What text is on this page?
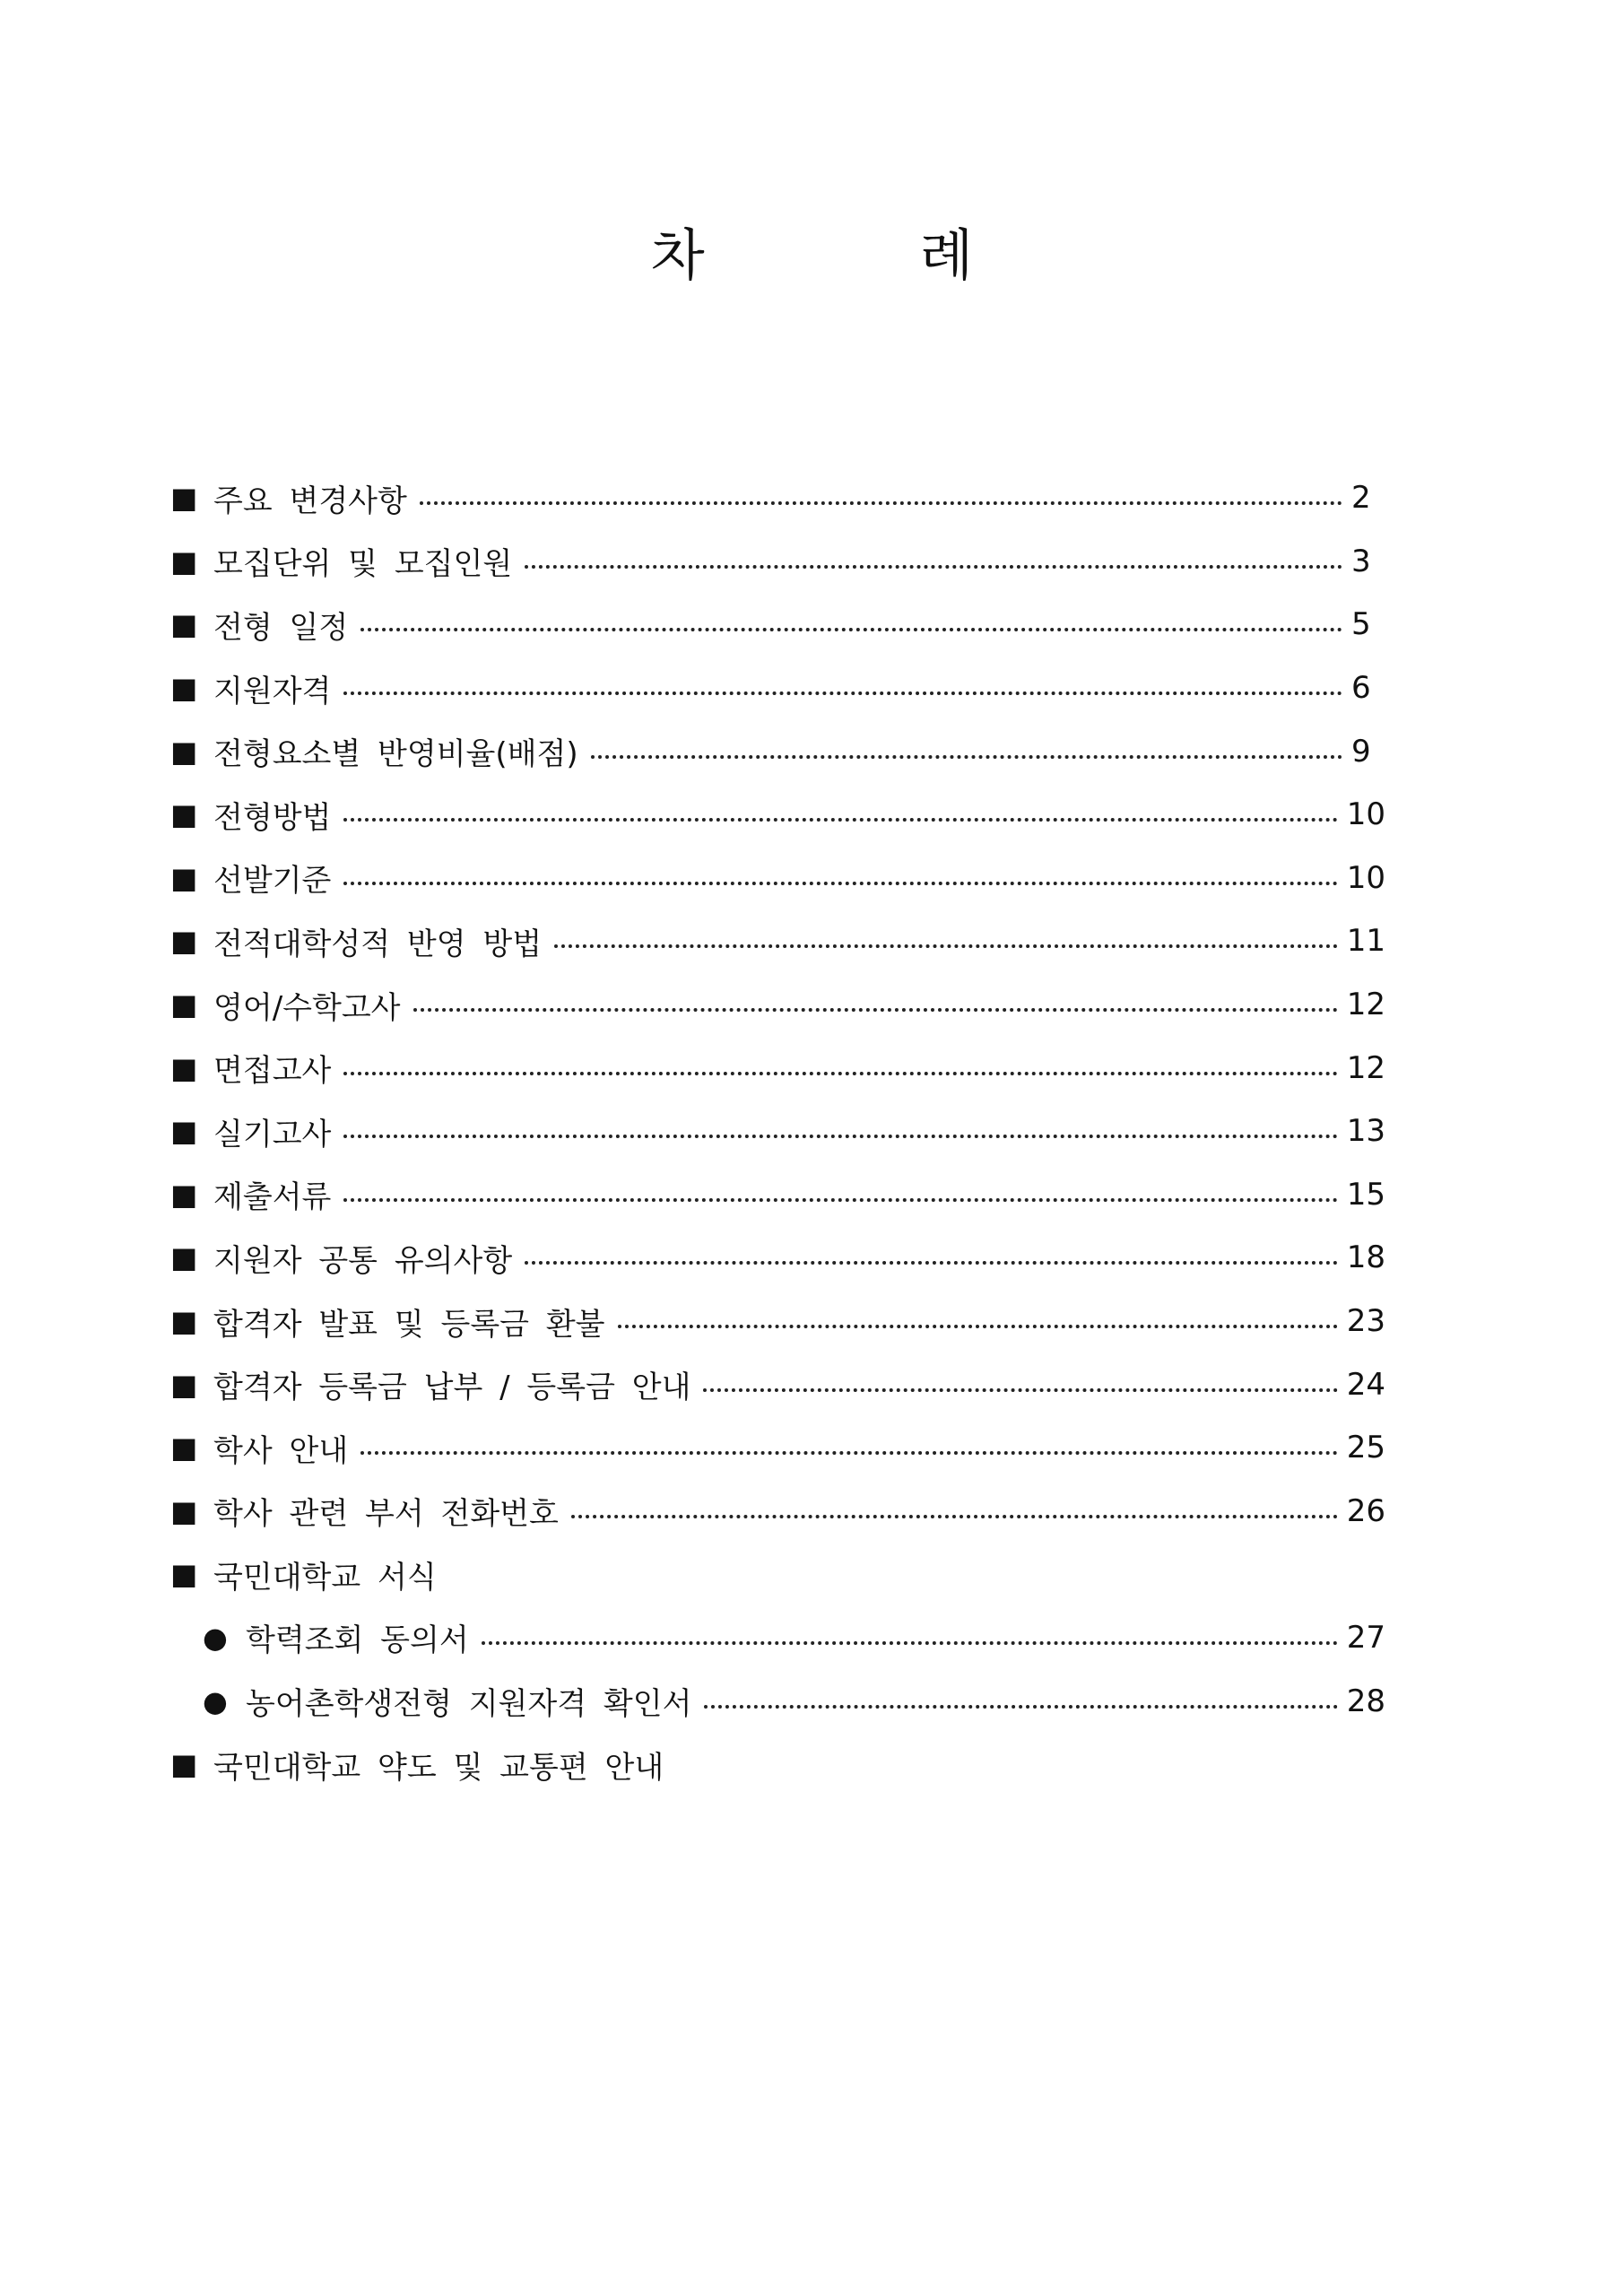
차 례
■ 주요 변경사항	2
■ 모집단위 및 모집인원	3
■ 전형 일정	5
■ 지원자격	6
■ 전형요소별 반영비율(배점)	9
■ 전형방법	10
■ 선발기준	10
■ 전적대학성적 반영 방법	11
■ 영어/수학고사	12
■ 면접고사	12
■ 실기고사	13
■ 제출서류	15
■ 지원자 공통 유의사항	18
■ 합격자 발표 및 등록금 환불	23
■ 합격자 등록금 납부 / 등록금 안내	24
■ 학사 안내	25
■ 학사 관련 부서 전화번호	26
■ 국민대학교 서식
● 학력조회 동의서	27
● 농어촌학생전형 지원자격 확인서	28
■ 국민대학교 약도 및 교통편 안내
